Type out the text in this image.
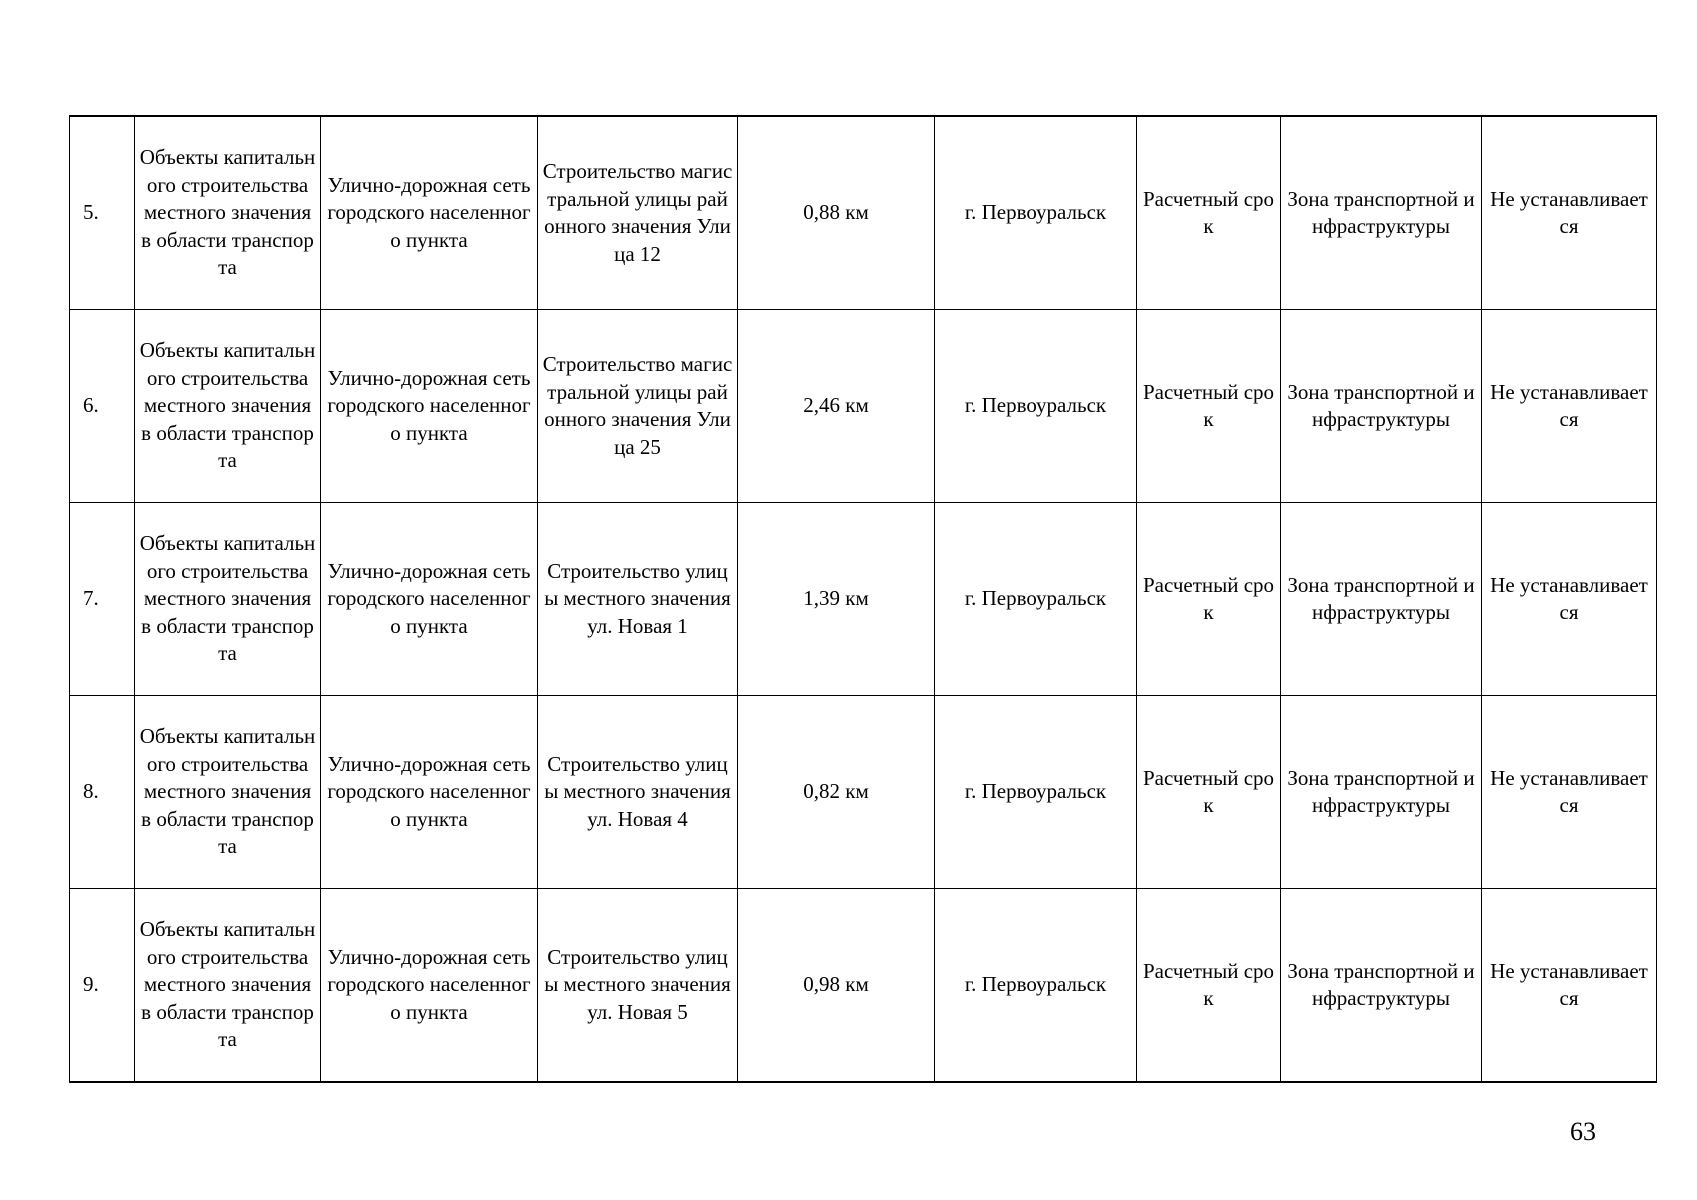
5.	Объекты капитального строительства местного значения в области транспорта	Улично-дорожная сеть городского населенного пункта	Строительство магистральной улицы районного значения Улица 12	0,88 км	г. Первоуральск	Расчетный срок	Зона транспортной инфраструктуры	Не устанавливается
6.	Объекты капитального строительства местного значения в области транспорта	Улично-дорожная сеть городского населенного пункта	Строительство магистральной улицы районного значения Улица 25	2,46 км	г. Первоуральск	Расчетный срок	Зона транспортной инфраструктуры	Не устанавливается
7.	Объекты капитального строительства местного значения в области транспорта	Улично-дорожная сеть городского населенного пункта	Строительство улицы местного значения ул. Новая 1	1,39 км	г. Первоуральск	Расчетный срок	Зона транспортной инфраструктуры	Не устанавливается
8.	Объекты капитального строительства местного значения в области транспорта	Улично-дорожная сеть городского населенного пункта	Строительство улицы местного значения ул. Новая 4	0,82 км	г. Первоуральск	Расчетный срок	Зона транспортной инфраструктуры	Не устанавливается
9.	Объекты капитального строительства местного значения в области транспорта	Улично-дорожная сеть городского населенного пункта	Строительство улицы местного значения ул. Новая 5	0,98 км	г. Первоуральск	Расчетный срок	Зона транспортной инфраструктуры	Не устанавливается
63
